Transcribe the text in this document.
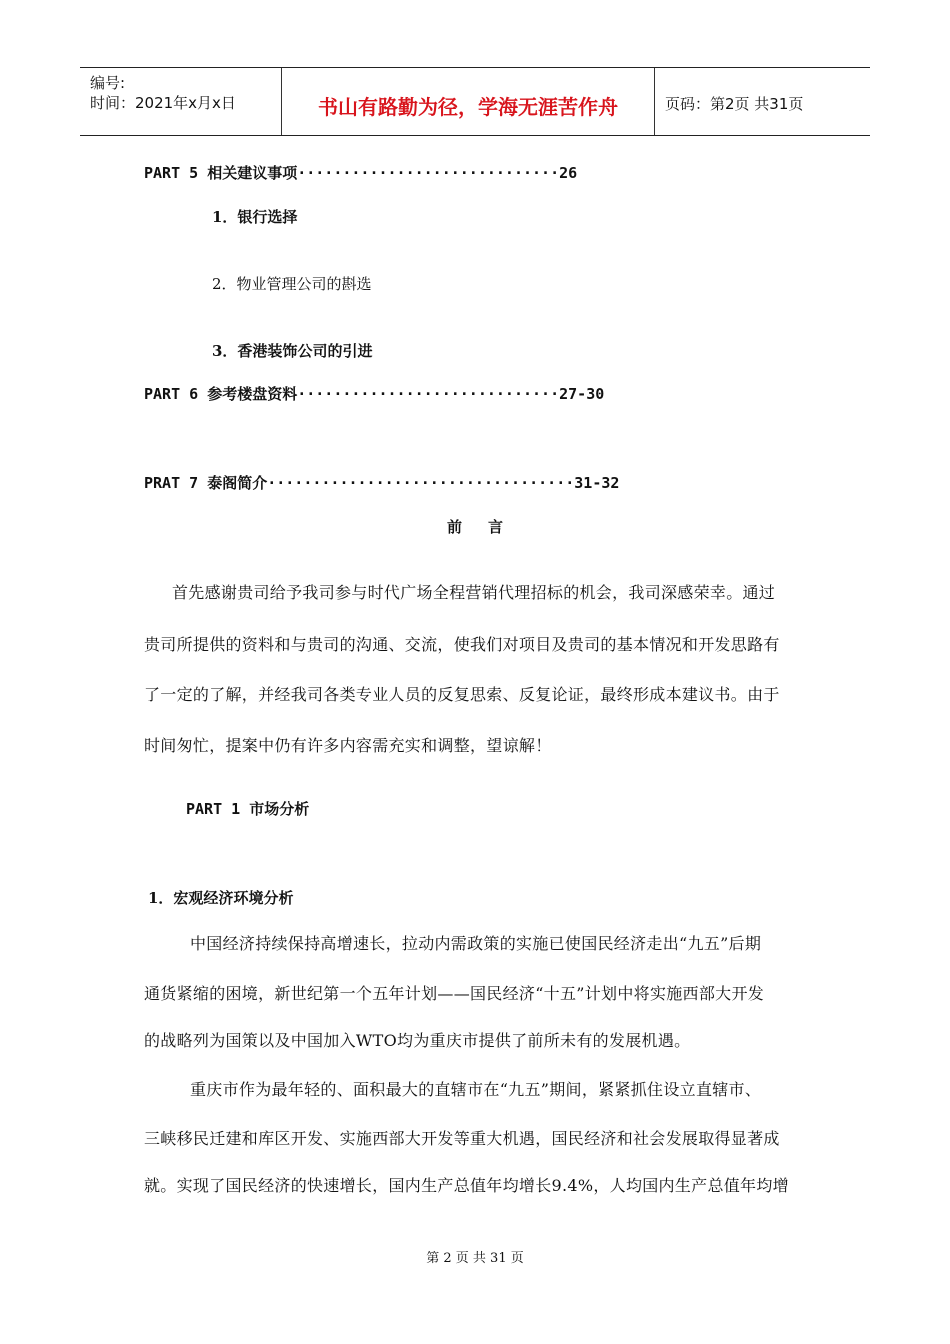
编号:
时间：2021年x月x日	书山有路勤为径，学海无涯苦作舟	页码：第2页 共31页
PART 5 相关建议事项·····························26
1．银行选择
2．物业管理公司的斟选
3．香港装饰公司的引进
PART 6 参考楼盘资料·····························27-30
PRAT 7 泰阁简介··································31-32
前     言
首先感谢贵司给予我司参与时代广场全程营销代理招标的机会，我司深感荣幸。通过
贵司所提供的资料和与贵司的沟通、交流，使我们对项目及贵司的基本情况和开发思路有
了一定的了解，并经我司各类专业人员的反复思索、反复论证，最终形成本建议书。由于
时间匆忙，提案中仍有许多内容需充实和调整，望谅解！
PART 1 市场分析
1．宏观经济环境分析
中国经济持续保持高增速长，拉动内需政策的实施已使国民经济走出“九五”后期
通货紧缩的困境，新世纪第一个五年计划——国民经济“十五”计划中将实施西部大开发
的战略列为国策以及中国加入WTO均为重庆市提供了前所未有的发展机遇。
重庆市作为最年轻的、面积最大的直辖市在“九五”期间，紧紧抓住设立直辖市、
三峡移民迁建和库区开发、实施西部大开发等重大机遇，国民经济和社会发展取得显著成
就。实现了国民经济的快速增长，国内生产总值年均增长9.4%，人均国内生产总值年均增
第 2 页 共 31 页
